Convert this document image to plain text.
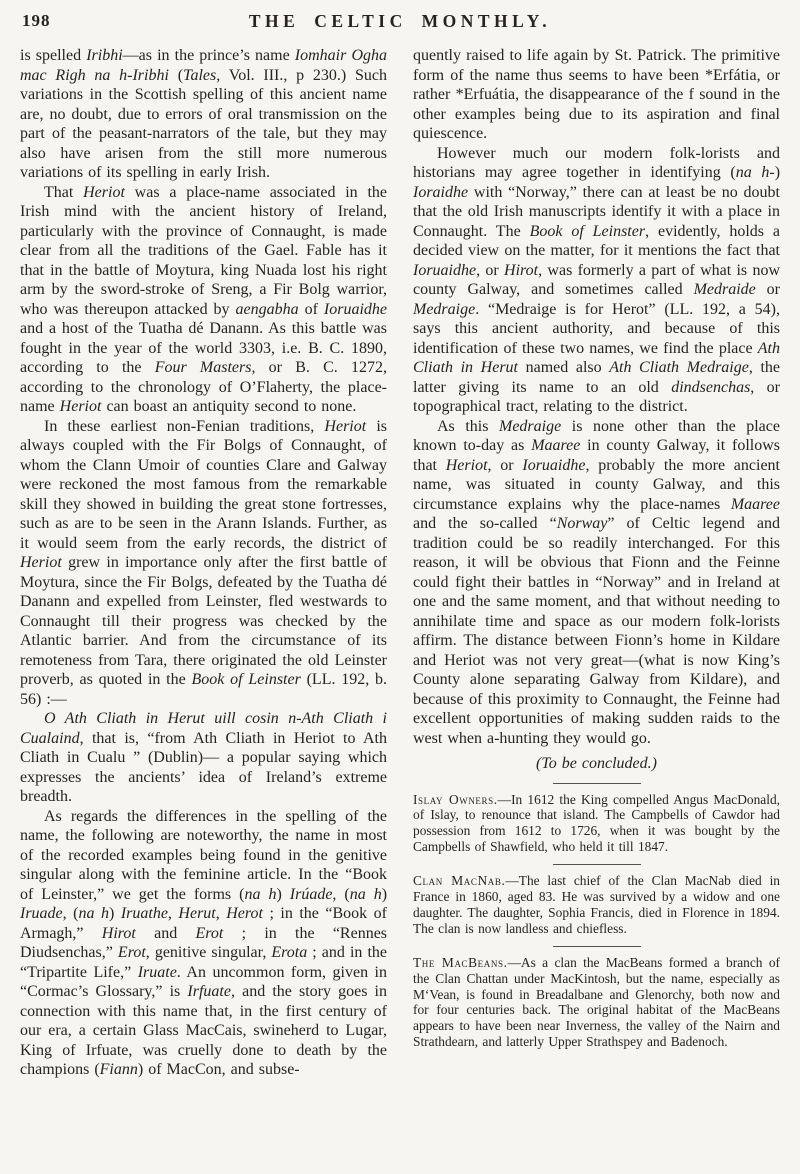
198	THE CELTIC MONTHLY.

is spelled Iribhi—as in the prince’s name Iomhair Ogha mac Righ na h-Iribhi (Tales, Vol. III., p 230.) Such variations in the Scottish spelling of this ancient name are, no doubt, due to errors of oral transmission on the part of the peasant-narrators of the tale, but they may also have arisen from the still more numerous variations of its spelling in early Irish.

That Heriot was a place-name associated in the Irish mind with the ancient history of Ireland, particularly with the province of Connaught, is made clear from all the traditions of the Gael. Fable has it that in the battle of Moytura, king Nuada lost his right arm by the sword-stroke of Sreng, a Fir Bolg warrior, who was thereupon attacked by aengabha of Ioruaidhe and a host of the Tuatha dé Danann. As this battle was fought in the year of the world 3303, i.e. B. C. 1890, according to the Four Masters, or B. C. 1272, according to the chronology of O’Flaherty, the place-name Heriot can boast an antiquity second to none.

In these earliest non-Fenian traditions, Heriot is always coupled with the Fir Bolgs of Connaught, of whom the Clann Umoir of counties Clare and Galway were reckoned the most famous from the remarkable skill they showed in building the great stone fortresses, such as are to be seen in the Arann Islands. Further, as it would seem from the early records, the district of Heriot grew in importance only after the first battle of Moytura, since the Fir Bolgs, defeated by the Tuatha dé Danann and expelled from Leinster, fled westwards to Connaught till their progress was checked by the Atlantic barrier. And from the circumstance of its remoteness from Tara, there originated the old Leinster proverb, as quoted in the Book of Leinster (LL. 192, b. 56) :—

O Ath Cliath in Herut uill cosin n-Ath Cliath i Cualaind, that is, “from Ath Cliath in Heriot to Ath Cliath in Cualu ” (Dublin)— a popular saying which expresses the ancients’ idea of Ireland’s extreme breadth.

As regards the differences in the spelling of the name, the following are noteworthy, the name in most of the recorded examples being found in the genitive singular along with the feminine article. In the “Book of Leinster,” we get the forms (na h) Irúade, (na h) Iruade, (na h) Iruathe, Herut, Herot ; in the “Book of Armagh,” Hirot and Erot ; in the “Rennes Diudsenchas,” Erot, genitive singular, Erota ; and in the “Tripartite Life,” Iruate. An uncommon form, given in “Cormac’s Glossary,” is Irfuate, and the story goes in connection with this name that, in the first century of our era, a certain Glass MacCais, swineherd to Lugar, King of Irfuate, was cruelly done to death by the champions (Fiann) of MacCon, and subse-

quently raised to life again by St. Patrick. The primitive form of the name thus seems to have been *Erfátia, or rather *Erfuátia, the disappearance of the f sound in the other examples being due to its aspiration and final quiescence.

However much our modern folk-lorists and historians may agree together in identifying (na h-) Ioraidhe with “Norway,” there can at least be no doubt that the old Irish manuscripts identify it with a place in Connaught. The Book of Leinster, evidently, holds a decided view on the matter, for it mentions the fact that Ioruaidhe, or Hirot, was formerly a part of what is now county Galway, and sometimes called Medraide or Medraige. “Medraige is for Herot” (LL. 192, a 54), says this ancient authority, and because of this identification of these two names, we find the place Ath Cliath in Herut named also Ath Cliath Medraige, the latter giving its name to an old dindsenchas, or topographical tract, relating to the district.

As this Medraige is none other than the place known to-day as Maaree in county Galway, it follows that Heriot, or Ioruaidhe, probably the more ancient name, was situated in county Galway, and this circumstance explains why the place-names Maaree and the so-called “Norway” of Celtic legend and tradition could be so readily interchanged. For this reason, it will be obvious that Fionn and the Feinne could fight their battles in “Norway” and in Ireland at one and the same moment, and that without needing to annihilate time and space as our modern folk-lorists affirm. The distance between Fionn’s home in Kildare and Heriot was not very great—(what is now King’s County alone separating Galway from Kildare), and because of this proximity to Connaught, the Feinne had excellent opportunities of making sudden raids to the west when a-hunting they would go.

(To be concluded.)

Islay Owners.—In 1612 the King compelled Angus MacDonald, of Islay, to renounce that island. The Campbells of Cawdor had possession from 1612 to 1726, when it was bought by the Campbells of Shawfield, who held it till 1847.

Clan MacNab.—The last chief of the Clan MacNab died in France in 1860, aged 83. He was survived by a widow and one daughter. The daughter, Sophia Francis, died in Florence in 1894. The clan is now landless and chiefless.

The MacBeans.—As a clan the MacBeans formed a branch of the Clan Chattan under MacKintosh, but the name, especially as M‘Vean, is found in Breadalbane and Glenorchy, both now and for four centuries back. The original habitat of the MacBeans appears to have been near Inverness, the valley of the Nairn and Strathdearn, and latterly Upper Strathspey and Badenoch.
